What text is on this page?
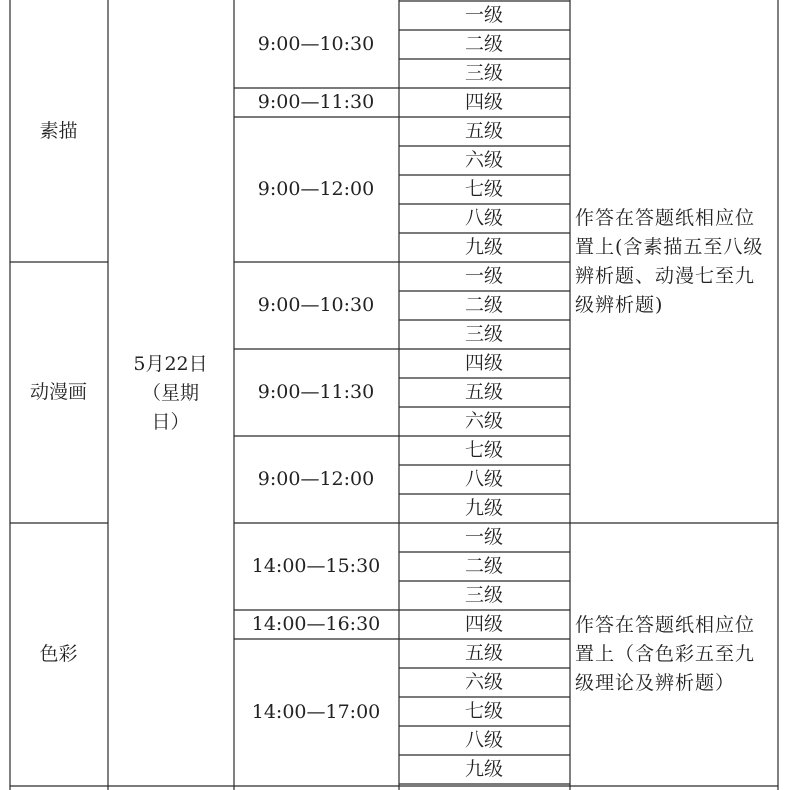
素描
动漫画
色彩
5月22日
（星期
日）
9:00—10:30
9:00—11:30
9:00—12:00
9:00—10:30
9:00—11:30
9:00—12:00
14:00—15:30
14:00—16:30
14:00—17:00
一级
二级
三级
四级
五级
六级
七级
八级
九级
一级
二级
三级
四级
五级
六级
七级
八级
九级
一级
二级
三级
四级
五级
六级
七级
八级
九级
作答在答题纸相应位置上(含素描五至八级辨析题、动漫七至九级辨析题)
作答在答题纸相应位置上（含色彩五至九级理论及辨析题）
